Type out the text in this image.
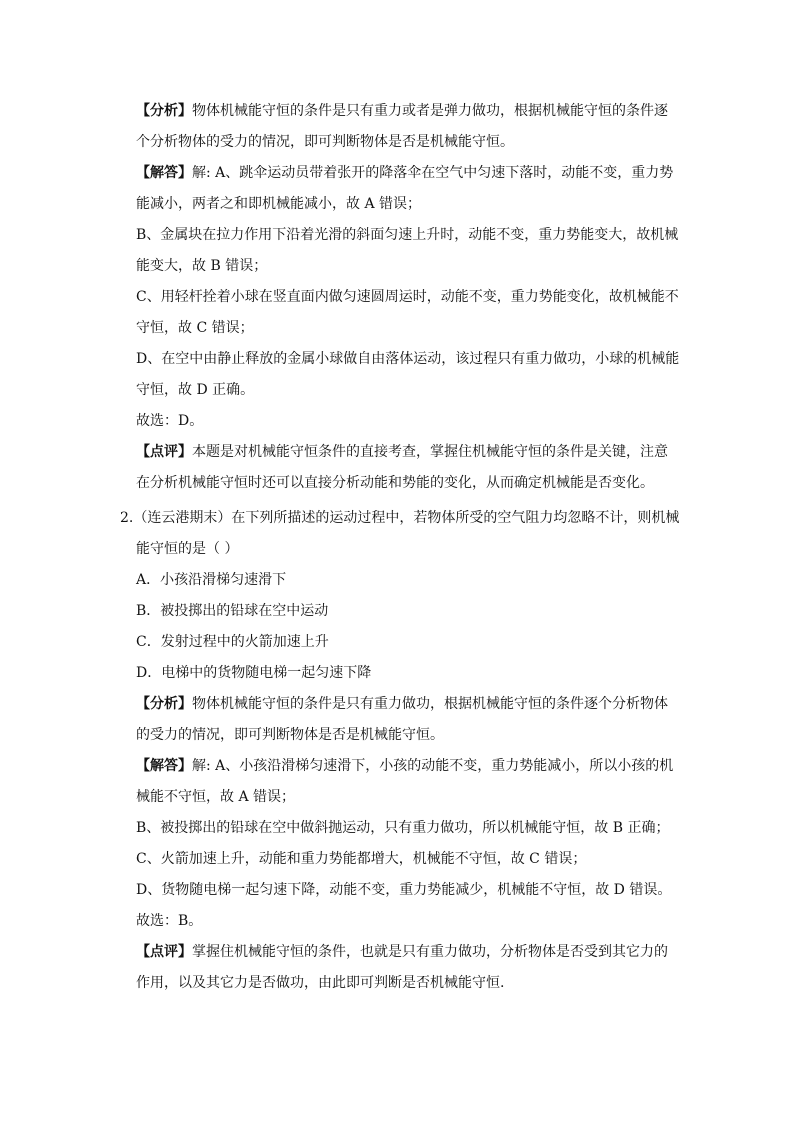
【分析】物体机械能守恒的条件是只有重力或者是弹力做功，根据机械能守恒的条件逐
个分析物体的受力的情况，即可判断物体是否是机械能守恒。
【解答】解: A、跳伞运动员带着张开的降落伞在空气中匀速下落时，动能不变，重力势
能减小，两者之和即机械能减小，故 A 错误；
B、金属块在拉力作用下沿着光滑的斜面匀速上升时，动能不变，重力势能变大，故机械
能变大，故 B 错误；
C、用轻杆拴着小球在竖直面内做匀速圆周运时，动能不变，重力势能变化，故机械能不
守恒，故 C 错误；
D、在空中由静止释放的金属小球做自由落体运动，该过程只有重力做功，小球的机械能
守恒，故 D 正确。
故选：D。
【点评】本题是对机械能守恒条件的直接考查，掌握住机械能守恒的条件是关键，注意
在分析机械能守恒时还可以直接分析动能和势能的变化，从而确定机械能是否变化。
2.（连云港期末）在下列所描述的运动过程中，若物体所受的空气阻力均忽略不计，则机械
能守恒的是（ ）
A．小孩沿滑梯匀速滑下
B．被投掷出的铅球在空中运动
C．发射过程中的火箭加速上升
D．电梯中的货物随电梯一起匀速下降
【分析】物体机械能守恒的条件是只有重力做功，根据机械能守恒的条件逐个分析物体
的受力的情况，即可判断物体是否是机械能守恒。
【解答】解: A、小孩沿滑梯匀速滑下，小孩的动能不变，重力势能减小，所以小孩的机
械能不守恒，故 A 错误；
B、被投掷出的铅球在空中做斜抛运动，只有重力做功，所以机械能守恒，故 B 正确；
C、火箭加速上升，动能和重力势能都增大，机械能不守恒，故 C 错误；
D、货物随电梯一起匀速下降，动能不变，重力势能减少，机械能不守恒，故 D 错误。
故选：B。
【点评】掌握住机械能守恒的条件，也就是只有重力做功，分析物体是否受到其它力的
作用，以及其它力是否做功，由此即可判断是否机械能守恒.
